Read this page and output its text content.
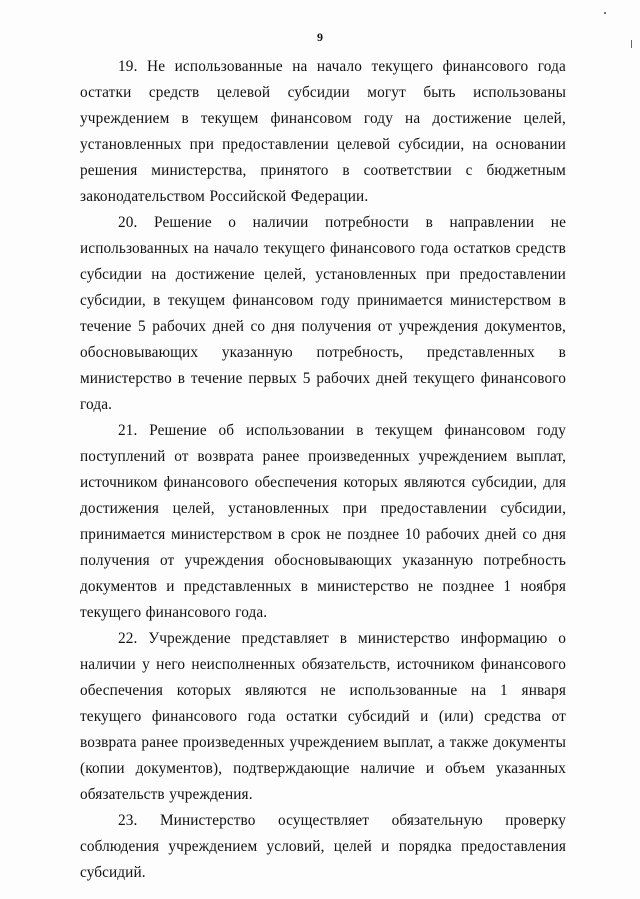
9

19. Не использованные на начало текущего финансового года остатки средств целевой субсидии могут быть использованы учреждением в текущем финансовом году на достижение целей, установленных при предоставлении целевой субсидии, на основании решения министерства, принятого в соответствии с бюджетным законодательством Российской Федерации.

20. Решение о наличии потребности в направлении не использованных на начало текущего финансового года остатков средств субсидии на достижение целей, установленных при предоставлении субсидии, в текущем финансовом году принимается министерством в течение 5 рабочих дней со дня получения от учреждения документов, обосновывающих указанную потребность, представленных в министерство в течение первых 5 рабочих дней текущего финансового года.

21. Решение об использовании в текущем финансовом году поступлений от возврата ранее произведенных учреждением выплат, источником финансового обеспечения которых являются субсидии, для достижения целей, установленных при предоставлении субсидии, принимается министерством в срок не позднее 10 рабочих дней со дня получения от учреждения обосновывающих указанную потребность документов и представленных в министерство не позднее 1 ноября текущего финансового года.

22. Учреждение представляет в министерство информацию о наличии у него неисполненных обязательств, источником финансового обеспечения которых являются не использованные на 1 января текущего финансового года остатки субсидий и (или) средства от возврата ранее произведенных учреждением выплат, а также документы (копии документов), подтверждающие наличие и объем указанных обязательств учреждения.

23. Министерство осуществляет обязательную проверку соблюдения учреждением условий, целей и порядка предоставления субсидий.
